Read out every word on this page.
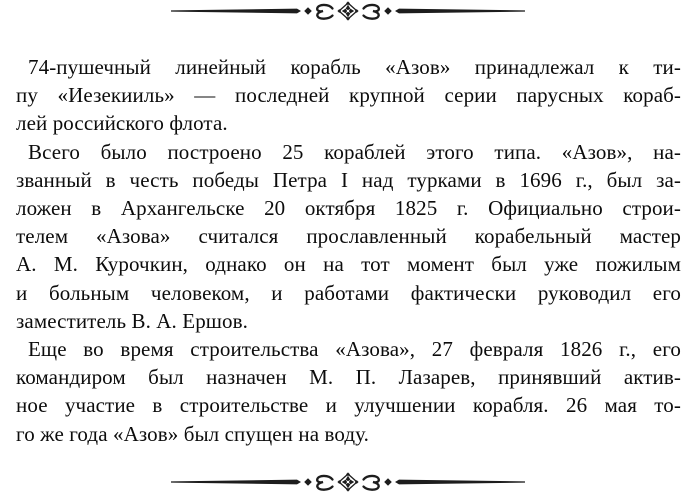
74-пушечный линейный корабль «Азов» принадлежал к ти-
пу «Иезекииль» — последней крупной серии парусных кораб-
лей российского флота.

Всего было построено 25 кораблей этого типа. «Азов», на-
званный в честь победы Петра I над турками в 1696 г., был за-
ложен в Архангельске 20 октября 1825 г. Официально строи-
телем «Азова» считался прославленный корабельный мастер
А. М. Курочкин, однако он на тот момент был уже пожилым
и больным человеком, и работами фактически руководил его
заместитель В. А. Ершов.

Еще во время строительства «Азова», 27 февраля 1826 г., его
командиром был назначен М. П. Лазарев, принявший актив-
ное участие в строительстве и улучшении корабля. 26 мая то-
го же года «Азов» был спущен на воду.
